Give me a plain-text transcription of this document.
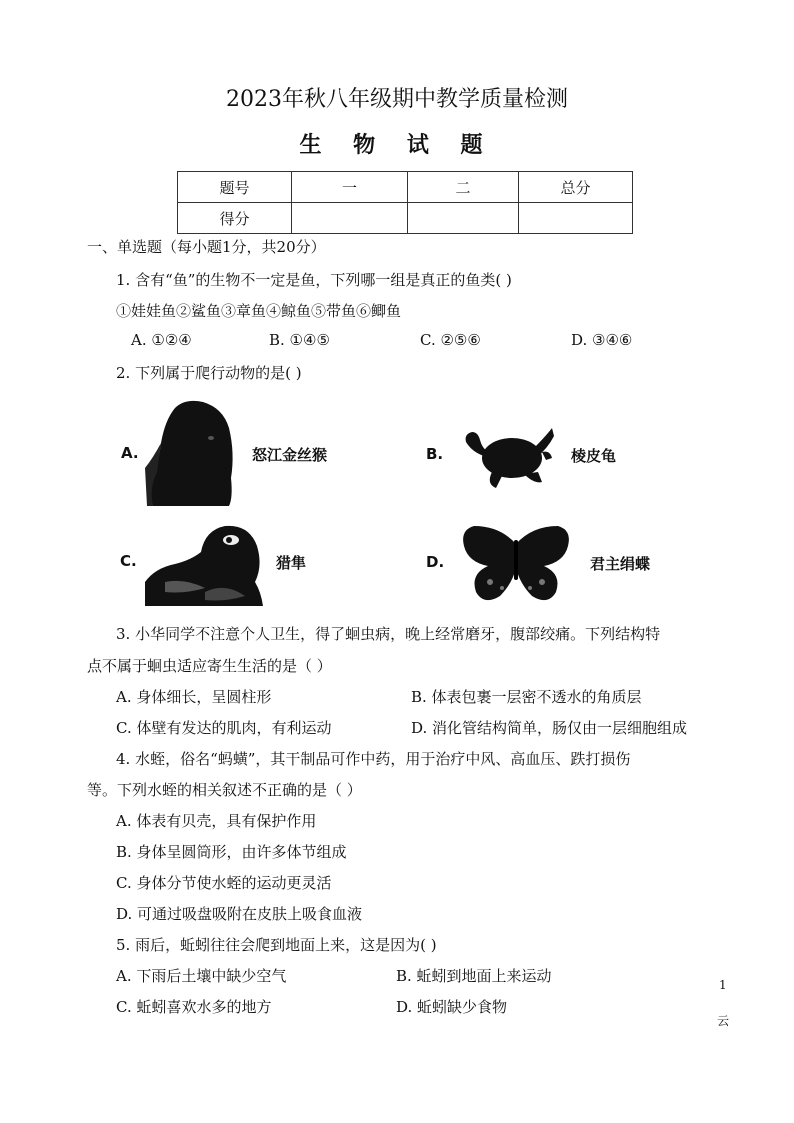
2023年秋八年级期中教学质量检测
生 物 试 题
题号	一	二	总分
得分			
一、单选题（每小题1分，共20分）
1. 含有“鱼”的生物不一定是鱼，下列哪一组是真正的鱼类( )
①娃娃鱼②鲨鱼③章鱼④鲸鱼⑤带鱼⑥鲫鱼
A. ①②④	B. ①④⑤	C. ②⑤⑥	D. ③④⑥
2. 下列属于爬行动物的是( )
A.	怒江金丝猴	B.	棱皮龟
C.	猎隼	D.	君主绢蝶
3. 小华同学不注意个人卫生，得了蛔虫病，晚上经常磨牙，腹部绞痛。下列结构特
点不属于蛔虫适应寄生生活的是（ ）
A. 身体细长，呈圆柱形	B. 体表包裹一层密不透水的角质层
C. 体壁有发达的肌肉，有利运动	D. 消化管结构简单，肠仅由一层细胞组成
4. 水蛭，俗名“蚂蟥”，其干制品可作中药，用于治疗中风、高血压、跌打损伤
等。下列水蛭的相关叙述不正确的是（ ）
A. 体表有贝壳，具有保护作用
B. 身体呈圆筒形，由许多体节组成
C. 身体分节使水蛭的运动更灵活
D. 可通过吸盘吸附在皮肤上吸食血液
5. 雨后，蚯蚓往往会爬到地面上来，这是因为( )
A. 下雨后土壤中缺少空气	B. 蚯蚓到地面上来运动
C. 蚯蚓喜欢水多的地方	D. 蚯蚓缺少食物
1
云
